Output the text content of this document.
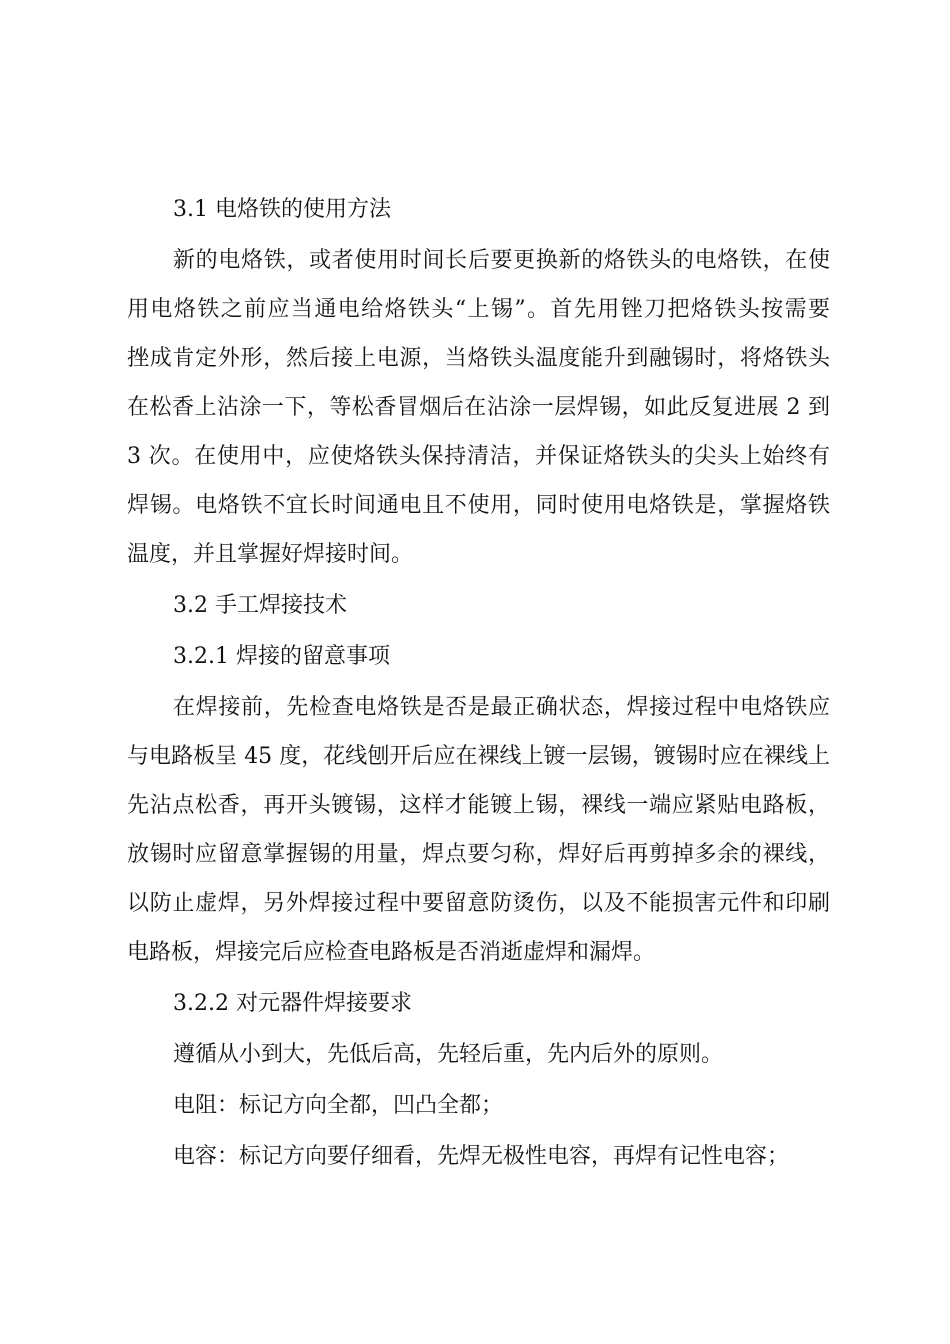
3.1 电烙铁的使用方法
新的电烙铁，或者使用时间长后要更换新的烙铁头的电烙铁，在使
用电烙铁之前应当通电给烙铁头“上锡”。首先用锉刀把烙铁头按需要
挫成肯定外形，然后接上电源，当烙铁头温度能升到融锡时，将烙铁头
在松香上沾涂一下，等松香冒烟后在沾涂一层焊锡，如此反复进展 2 到
3 次。在使用中，应使烙铁头保持清洁，并保证烙铁头的尖头上始终有
焊锡。电烙铁不宜长时间通电且不使用，同时使用电烙铁是，掌握烙铁
温度，并且掌握好焊接时间。
3.2 手工焊接技术
3.2.1 焊接的留意事项
在焊接前，先检查电烙铁是否是最正确状态，焊接过程中电烙铁应
与电路板呈 45 度，花线刨开后应在裸线上镀一层锡，镀锡时应在裸线上
先沾点松香，再开头镀锡，这样才能镀上锡，裸线一端应紧贴电路板，
放锡时应留意掌握锡的用量，焊点要匀称，焊好后再剪掉多余的裸线，
以防止虚焊，另外焊接过程中要留意防烫伤，以及不能损害元件和印刷
电路板，焊接完后应检查电路板是否消逝虚焊和漏焊。
3.2.2 对元器件焊接要求
遵循从小到大，先低后高，先轻后重，先内后外的原则。
电阻：标记方向全都，凹凸全都；
电容：标记方向要仔细看，先焊无极性电容，再焊有记性电容；
